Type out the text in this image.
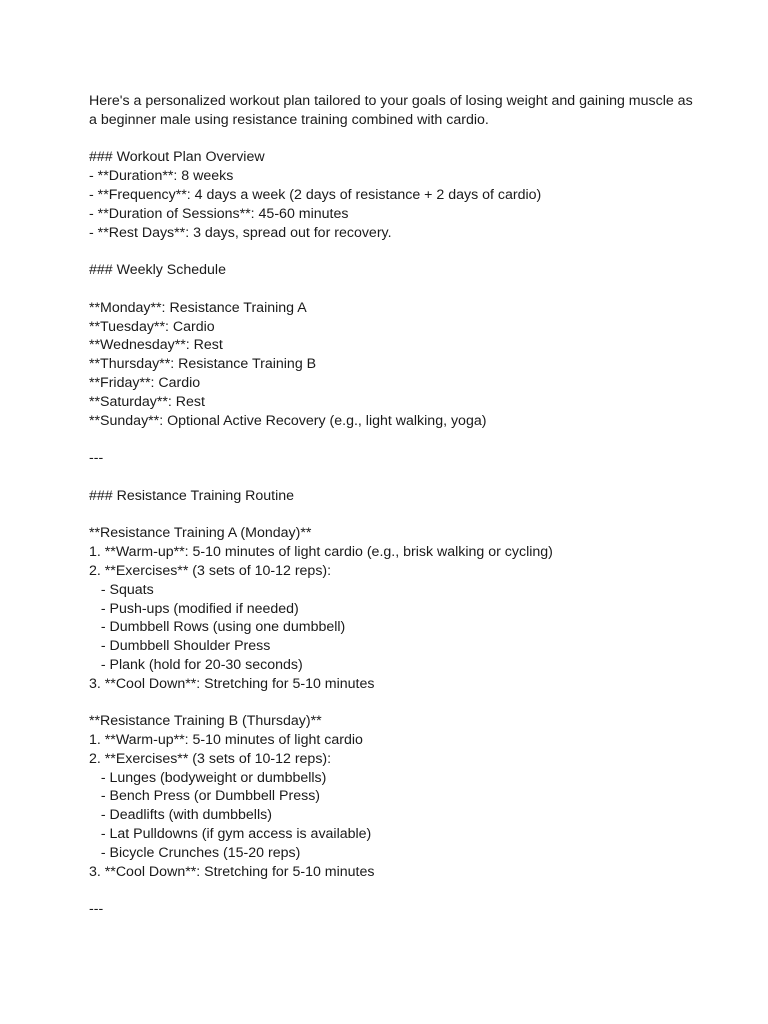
Here's a personalized workout plan tailored to your goals of losing weight and gaining muscle as
a beginner male using resistance training combined with cardio.
### Workout Plan Overview
- **Duration**: 8 weeks
- **Frequency**: 4 days a week (2 days of resistance + 2 days of cardio)
- **Duration of Sessions**: 45-60 minutes
- **Rest Days**: 3 days, spread out for recovery.
### Weekly Schedule
**Monday**: Resistance Training A
**Tuesday**: Cardio
**Wednesday**: Rest
**Thursday**: Resistance Training B
**Friday**: Cardio
**Saturday**: Rest
**Sunday**: Optional Active Recovery (e.g., light walking, yoga)
---
### Resistance Training Routine
**Resistance Training A (Monday)**
1. **Warm-up**: 5-10 minutes of light cardio (e.g., brisk walking or cycling)
2. **Exercises** (3 sets of 10-12 reps):
- Squats
- Push-ups (modified if needed)
- Dumbbell Rows (using one dumbbell)
- Dumbbell Shoulder Press
- Plank (hold for 20-30 seconds)
3. **Cool Down**: Stretching for 5-10 minutes
**Resistance Training B (Thursday)**
1. **Warm-up**: 5-10 minutes of light cardio
2. **Exercises** (3 sets of 10-12 reps):
- Lunges (bodyweight or dumbbells)
- Bench Press (or Dumbbell Press)
- Deadlifts (with dumbbells)
- Lat Pulldowns (if gym access is available)
- Bicycle Crunches (15-20 reps)
3. **Cool Down**: Stretching for 5-10 minutes
---
